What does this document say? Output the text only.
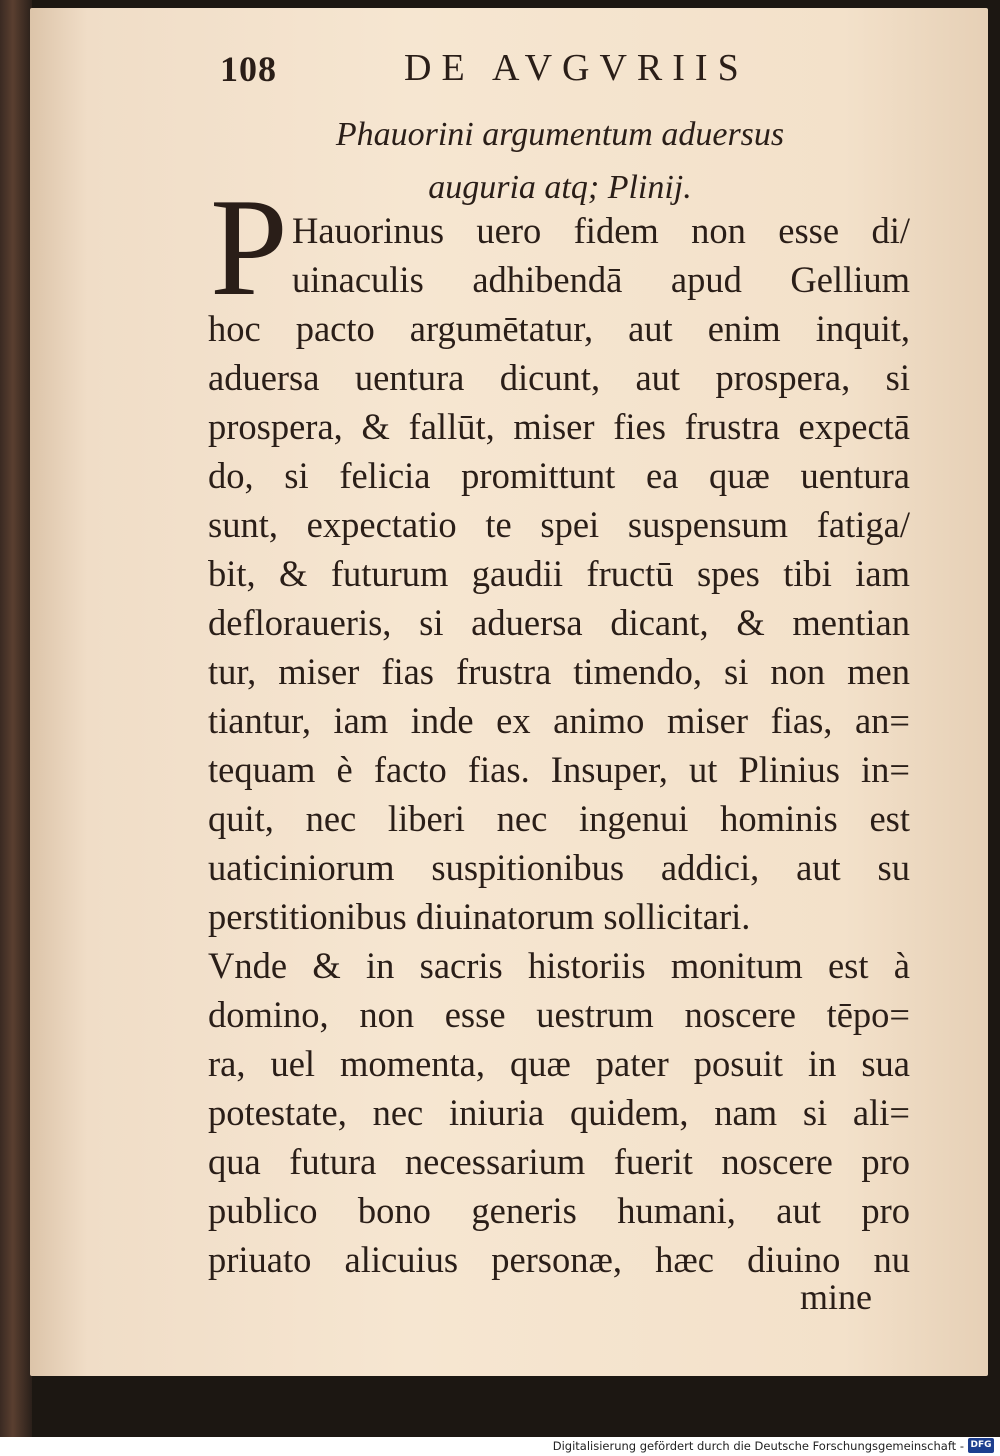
108	DE AVGVRIIS
Phauorini argumentum aduersus
auguria atq; Plinij.
P Hauorinus uero fidem non esse di/
uinaculis adhibendā apud Gellium
hoc pacto argumētatur, aut enim inquit,
aduersa uentura dicunt, aut prospera, si
prospera, & fallūt, miser fies frustra expectā
do, si felicia promittunt ea quæ uentura
sunt, expectatio te spei suspensum fatiga/
bit, & futurum gaudii fructū spes tibi iam
defloraueris, si aduersa dicant, & mentian
tur, miser fias frustra timendo, si non men
tiantur, iam inde ex animo miser fias, an=
tequam è facto fias. Insuper, ut Plinius in=
quit, nec liberi nec ingenui hominis est
uaticiniorum suspitionibus addici, aut su
perstitionibus diuinatorum sollicitari.
Vnde & in sacris historiis monitum est à
domino, non esse uestrum noscere tēpo=
ra, uel momenta, quæ pater posuit in sua
potestate, nec iniuria quidem, nam si ali=
qua futura necessarium fuerit noscere pro
publico bono generis humani, aut pro
priuato alicuius personæ, hæc diuino nu
mine
Digitalisierung gefördert durch die Deutsche Forschungsgemeinschaft - DFG
